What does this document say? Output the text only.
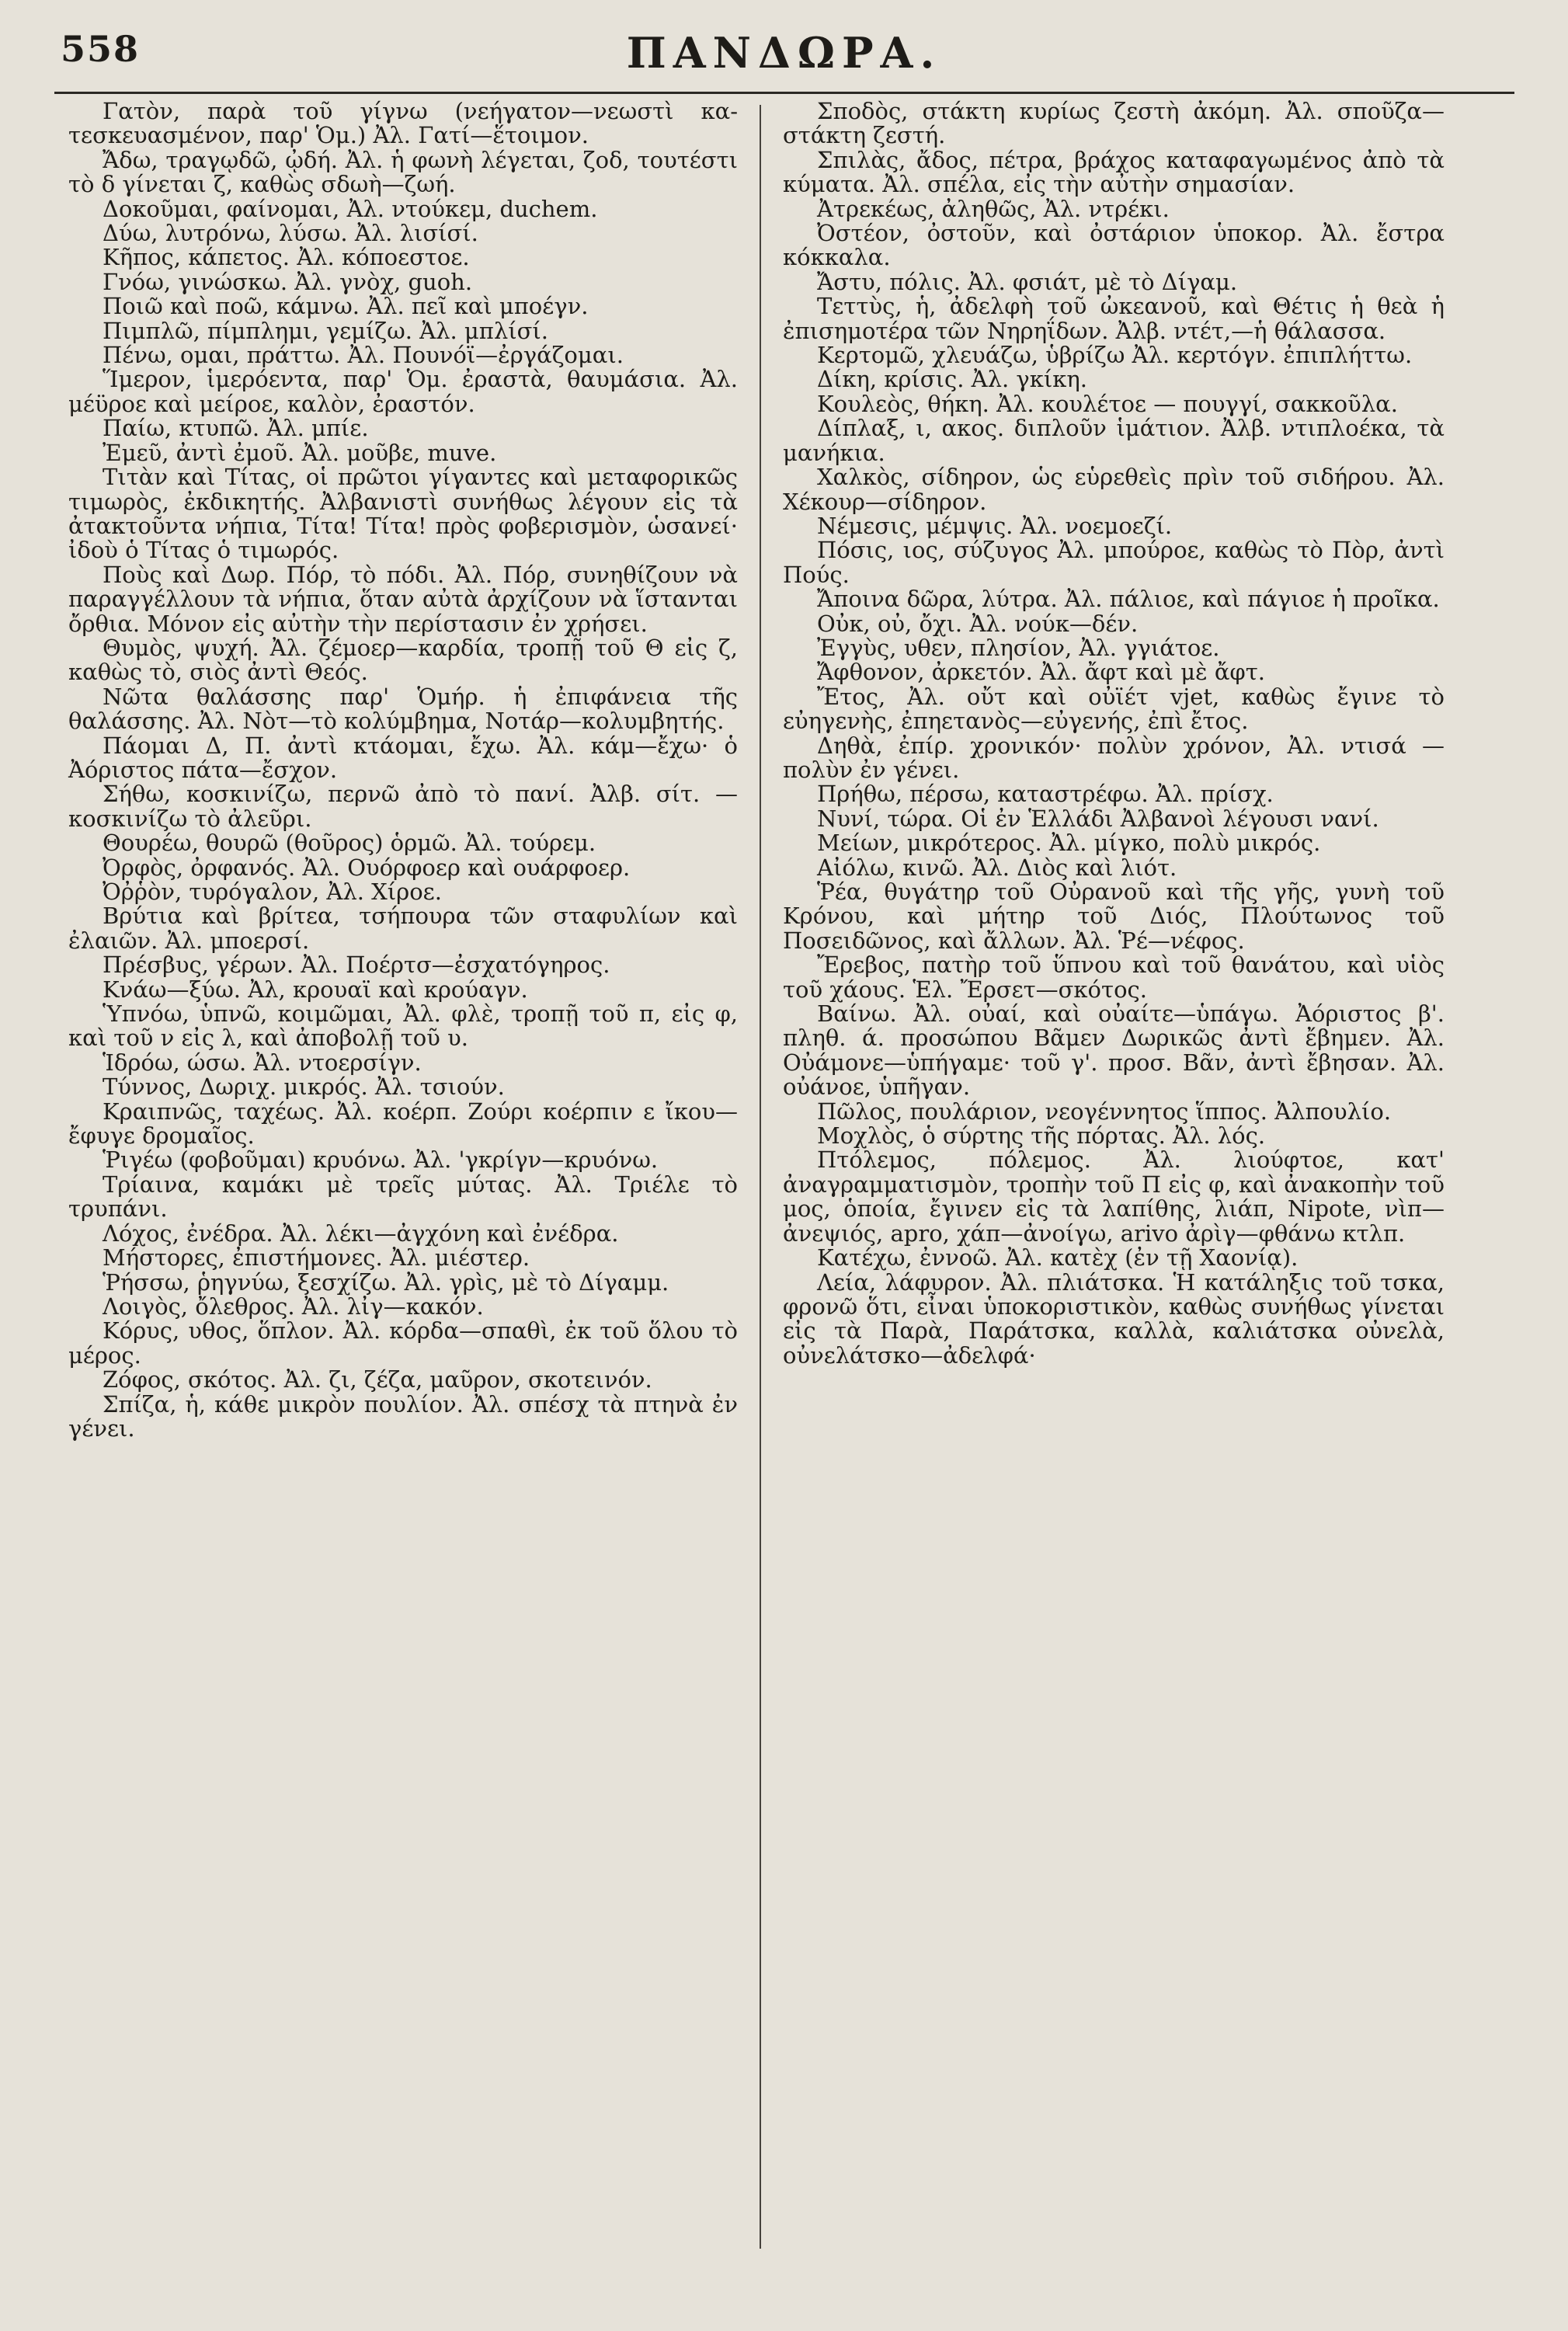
ΠΑΝΔΩΡΑ.
558

Γατὸν, παρὰ τοῦ γίγνω (νεήγατον—νεωστὶ κα-τεσκευασμένον, παρ' Ὁμ.) Ἀλ. Γατί—ἕτοιμον.

Ἄδω, τραγῳδῶ, ᾠδή. Ἀλ. ἡ φωνὴ λέγεται, ζοδ, τουτέστι τὸ δ γίνεται ζ, καθὼς σδωὴ—ζωή.

Δοκοῦμαι, φαίνομαι, Ἀλ. ντούκεμ, duchem.

Δύω, λυτρόνω, λύσω. Ἀλ. λισίσί.

Κῆπος, κάπετος. Ἀλ. κόποεστοε.

Γνόω, γινώσκω. Ἀλ. γνὸχ, guoh.

Ποιῶ καὶ ποῶ, κάμνω. Ἀλ. πεῖ καὶ μποέγν.

Πιμπλῶ, πίμπλημι, γεμίζω. Ἀλ. μπλίσί.

Πένω, ομαι, πράττω. Ἀλ. Πουνόϊ—ἐργάζομαι.

Ἵμερον, ἱμερόεντα, παρ' Ὁμ. ἐραστὰ, θαυμάσια. Ἀλ. μέϋροε καὶ μείροε, καλὸν, ἐραστόν.

Παίω, κτυπῶ. Ἀλ. μπίε.

Ἐμεῦ, ἀντὶ ἐμοῦ. Ἀλ. μοῦβε, muve.

Τιτὰν καὶ Τίτας, οἱ πρῶτοι γίγαντες καὶ μεταφορικῶς τιμωρὸς, ἐκδικητής. Ἀλβανιστὶ συνήθως λέγουν εἰς τὰ ἀτακτοῦντα νήπια, Τίτα! Τίτα! πρὸς φοβερισμὸν, ὡσανεί· ἰδοὺ ὁ Τίτας ὁ τιμωρός.

Ποὺς καὶ Δωρ. Πόρ, τὸ πόδι. Ἀλ. Πόρ, συνηθίζουν νὰ παραγγέλλουν τὰ νήπια, ὅταν αὐτὰ ἀρχίζουν νὰ ἵστανται ὄρθια. Μόνον εἰς αὐτὴν τὴν περίστασιν ἐν χρήσει.

Θυμὸς, ψυχή. Ἀλ. ζέμοερ—καρδία, τροπῇ τοῦ Θ εἰς ζ, καθὼς τὸ, σιὸς ἀντὶ Θεός.

Νῶτα θαλάσσης παρ' Ὁμήρ. ἡ ἐπιφάνεια τῆς θαλάσσης. Ἀλ. Νὸτ—τὸ κολύμβημα, Νοτάρ—κολυμβητής.

Πάομαι Δ, Π. ἀντὶ κτάομαι, ἔχω. Ἀλ. κάμ—ἔχω· ὁ Ἀόριστος πάτα—ἔσχον.

Σήθω, κοσκινίζω, περνῶ ἀπὸ τὸ πανί. Ἀλβ. σίτ. —κοσκινίζω τὸ ἀλεῦρι.

Θουρέω, θουρῶ (θοῦρος) ὁρμῶ. Ἀλ. τούρεμ.

Ὀρφὸς, ὀρφανός. Ἀλ. Ουόρφοερ καὶ ουάρφοερ.

Ὀῤῥὸν, τυρόγαλον, Ἀλ. Χίροε.

Βρύτια καὶ βρίτεα, τσήπουρα τῶν σταφυλίων καὶ ἐλαιῶν. Ἀλ. μποερσί.

Πρέσβυς, γέρων. Ἀλ. Ποέρτσ—ἐσχατόγηρος.

Κνάω—ξύω. Ἀλ, κρουαϊ καὶ κρούαγν.

Ὑπνόω, ὑπνῶ, κοιμῶμαι, Ἀλ. φλὲ, τροπῇ τοῦ π, εἰς φ, καὶ τοῦ ν εἰς λ, καὶ ἀποβολῇ τοῦ υ.

Ἱδρόω, ώσω. Ἀλ. ντοερσίγν.

Τύννος, Δωριχ. μικρός. Ἀλ. τσιούν.

Κραιπνῶς, ταχέως. Ἀλ. κοέρπ. Ζούρι κοέρπιν ε ἴκου—ἔφυγε δρομαῖος.

Ῥιγέω (φοβοῦμαι) κρυόνω. Ἀλ. 'γκρίγν—κρυόνω.

Τρίαινα, καμάκι μὲ τρεῖς μύτας. Ἀλ. Τριέλε τὸ τρυπάνι.

Λόχος, ἐνέδρα. Ἀλ. λέκι—ἀγχόνη καὶ ἐνέδρα.

Μήστορες, ἐπιστήμονες. Ἀλ. μιέστερ.

Ῥήσσω, ῥηγνύω, ξεσχίζω. Ἀλ. γρὶς, μὲ τὸ Δίγαμμ.

Λοιγὸς, ὄλεθρος. Ἀλ. λἰγ—κακόν.

Κόρυς, υθος, ὅπλον. Ἀλ. κόρδα—σπαθὶ, ἐκ τοῦ ὅλου τὸ μέρος.

Ζόφος, σκότος. Ἀλ. ζι, ζέζα, μαῦρον, σκοτεινόν.

Σπίζα, ἡ, κάθε μικρὸν πουλίον. Ἀλ. σπέσχ τὰ πτηνὰ ἐν γένει.

Σποδὸς, στάκτη κυρίως ζεστὴ ἀκόμη. Ἀλ. σποῦζα—στάκτη ζεστή.

Σπιλὰς, ἄδος, πέτρα, βράχος καταφαγωμένος ἀπὸ τὰ κύματα. Ἀλ. σπέλα, εἰς τὴν αὐτὴν σημασίαν.

Ἀτρεκέως, ἀληθῶς, Ἀλ. ντρέκι.

Ὀστέον, ὀστοῦν, καὶ ὀστάριον ὑποκορ. Ἀλ. ἔστρα κόκκαλα.

Ἄστυ, πόλις. Ἀλ. φσιάτ, μὲ τὸ Δίγαμ.

Τεττὺς, ἡ, ἀδελφὴ τοῦ ὠκεανοῦ, καὶ Θέτις ἡ θεὰ ἡ ἐπισημοτέρα τῶν Νηρηΐδων. Ἀλβ. ντέτ,—ἡ θάλασσα.

Κερτομῶ, χλευάζω, ὑβρίζω Ἀλ. κερτόγν. ἐπιπλήττω.

Δίκη, κρίσις. Ἀλ. γκίκη.

Κουλεὸς, θήκη. Ἀλ. κουλέτοε — πουγγί, σακκοῦλα.

Δίπλαξ, ι, ακος. διπλοῦν ἱμάτιον. Ἀλβ. ντιπλοέκα, τὰ μανήκια.

Χαλκὸς, σίδηρον, ὡς εὑρεθεὶς πρὶν τοῦ σιδήρου. Ἀλ. Χέκουρ—σίδηρον.

Νέμεσις, μέμψις. Ἀλ. νοεμοεζί.

Πόσις, ιος, σύζυγος Ἀλ. μπούροε, καθὼς τὸ Πὸρ, ἀντὶ Πούς.

Ἄποινα δῶρα, λύτρα. Ἀλ. πάλιοε, καὶ πάγιοε ἡ προῖκα.

Οὐκ, οὐ, ὄχι. Ἀλ. νούκ—δέν.

Ἐγγὺς, υθεν, πλησίον, Ἀλ. γγιάτοε.

Ἄφθονον, ἀρκετόν. Ἀλ. ἄφτ καὶ μὲ ἄφτ.

Ἔτος, Ἀλ. οὔτ καὶ οὐϊέτ vjet, καθὼς ἔγινε τὸ εὐηγενὴς, ἐπηετανὸς—εὐγενής, ἐπὶ ἔτος.

Δηθὰ, ἐπίρ. χρονικόν· πολὺν χρόνον, Ἀλ. ντισά —πολὺν ἐν γένει.

Πρήθω, πέρσω, καταστρέφω. Ἀλ. πρίσχ.

Νυνί, τώρα. Οἱ ἐν Ἑλλάδι Ἀλβανοὶ λέγουσι νανί.

Μείων, μικρότερος. Ἀλ. μίγκο, πολὺ μικρός.

Αἰόλω, κινῶ. Ἀλ. Διὸς καὶ λιότ.

Ῥέα, θυγάτηρ τοῦ Οὐρανοῦ καὶ τῆς γῆς, γυνὴ τοῦ Κρόνου, καὶ μήτηρ τοῦ Διός, Πλούτωνος τοῦ Ποσειδῶνος, καὶ ἄλλων. Ἀλ. Ῥέ—νέφος.

Ἔρεβος, πατὴρ τοῦ ὕπνου καὶ τοῦ θανάτου, καὶ υἱὸς τοῦ χάους. Ἑλ. Ἔρσετ—σκότος.

Βαίνω. Ἀλ. οὐαί, καὶ οὐαίτε—ὑπάγω. Ἀόριστος β'. πληθ. ά. προσώπου Βᾶμεν Δωρικῶς ἀντὶ ἔβημεν. Ἀλ. Οὐάμονε—ὑπήγαμε· τοῦ γ'. προσ. Βᾶν, ἀντὶ ἔβησαν. Ἀλ. οὐάνοε, ὑπῆγαν.

Πῶλος, πουλάριον, νεογέννητος ἵππος. Ἀλπουλίο.

Μοχλὸς, ὁ σύρτης τῆς πόρτας. Ἀλ. λός.

Πτόλεμος, πόλεμος. Ἀλ. λιούφτοε, κατ' ἀναγραμματισμὸν, τροπὴν τοῦ Π εἰς φ, καὶ ἀνακοπὴν τοῦ μος, ὁποία, ἔγινεν εἰς τὰ λαπίθης, λιάπ, Nipote, νὶπ—ἀνεψιός, apro, χάπ—ἀνοίγω, arivo ἀρὶγ—φθάνω κτλπ.

Κατέχω, ἐννοῶ. Ἀλ. κατὲχ (ἐν τῇ Χαονίᾳ).

Λεία, λάφυρον. Ἀλ. πλιάτσκα. Ἡ κατάληξις τοῦ τσκα, φρονῶ ὅτι, εἶναι ὑποκοριστικὸν, καθὼς συνήθως γίνεται εἰς τὰ Παρὰ, Παράτσκα, καλλὰ, καλιάτσκα οὐνελὰ, οὐνελάτσκο—ἀδελφά·
